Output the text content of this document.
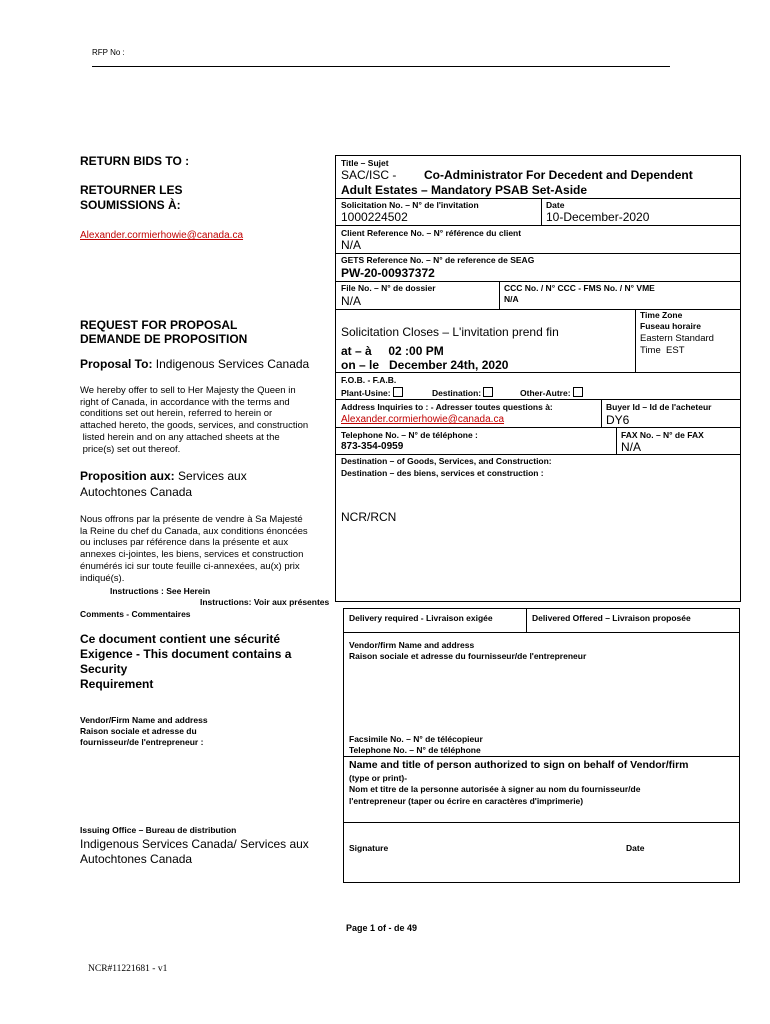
RFP No :
RETURN BIDS TO :
RETOURNER LES
SOUMISSIONS À:
Alexander.cormierhowie@canada.ca
REQUEST FOR PROPOSAL
DEMANDE DE PROPOSITION
Proposal To: Indigenous Services Canada
We hereby offer to sell to Her Majesty the Queen in
right of Canada, in accordance with the terms and
conditions set out herein, referred to herein or
attached hereto, the goods, services, and construction
listed herein and on any attached sheets at the
price(s) set out thereof.
Proposition aux: Services aux
Autochtones Canada
Nous offrons par la présente de vendre à Sa Majesté
la Reine du chef du Canada, aux conditions énoncées
ou incluses par référence dans la présente et aux
annexes ci-jointes, les biens, services et construction
énumérés ici sur toute feuille ci-annexées, au(x) prix
indiqué(s).
Instructions : See Herein
Instructions: Voir aux présentes
Comments - Commentaires
Ce document contient une sécurité
Exigence - This document contains a
Security
Requirement
Vendor/Firm Name and address
Raison sociale et adresse du
fournisseur/de l'entrepreneur :
Issuing Office – Bureau de distribution
Indigenous Services Canada/ Services aux
Autochtones Canada
Title – Sujet
SAC/ISC - Co-Administrator For Decedent and Dependent
Adult Estates – Mandatory PSAB Set-Aside
Solicitation No. – N° de l'invitation
1000224502
Date
10-December-2020
Client Reference No. – N° référence du client
N/A
GETS Reference No. – N° de reference de SEAG
PW-20-00937372
File No. – N° de dossier
N/A
CCC No. / N° CCC - FMS No. / N° VME
N/A
Solicitation Closes – L'invitation prend fin
at – à     02 :00 PM
on – le   December 24th, 2020
Time Zone
Fuseau horaire
Eastern Standard
Time  EST
F.O.B. - F.A.B.
Plant-Usine:	Destination:	Other-Autre:
Address Inquiries to : - Adresser toutes questions à:
Alexander.cormierhowie@canada.ca
Buyer Id – Id de l'acheteur
DY6
Telephone No. – N° de téléphone :
873-354-0959
FAX No. – N° de FAX
N/A
Destination – of Goods, Services, and Construction:
Destination – des biens, services et construction :
NCR/RCN
Delivery required - Livraison exigée	Delivered Offered – Livraison proposée
Vendor/firm Name and address
Raison sociale et adresse du fournisseur/de l'entrepreneur
Facsimile No. – N° de télécopieur
Telephone No. – N° de téléphone
Name and title of person authorized to sign on behalf of Vendor/firm
(type or print)-
Nom et titre de la personne autorisée à signer au nom du fournisseur/de
l'entrepreneur (taper ou écrire en caractères d'imprimerie)
Signature	Date
Page 1 of - de 49
NCR#11221681 - v1
